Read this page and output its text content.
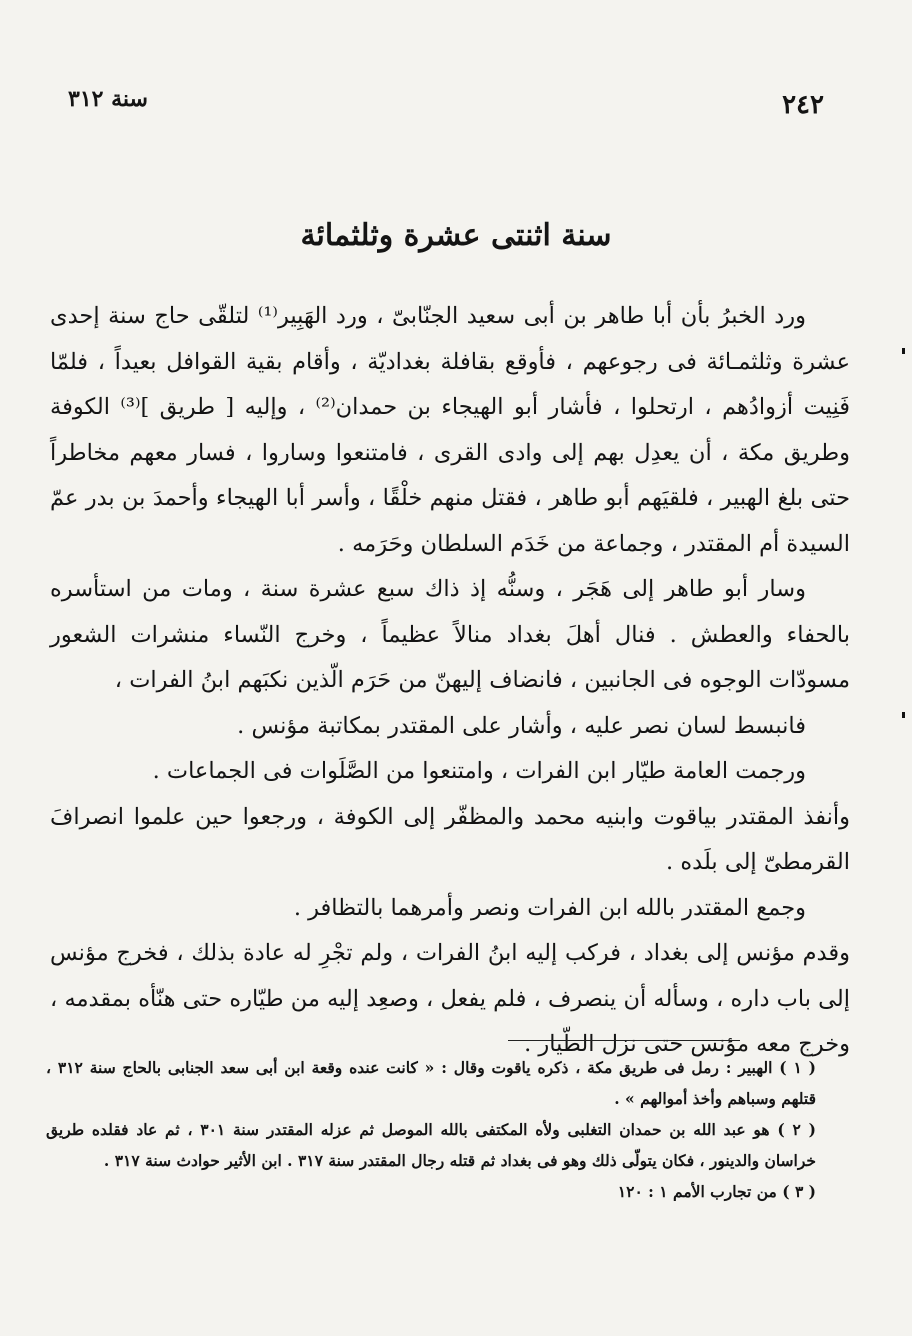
٢٤٢
سنة ٣١٢
سنة اثنتى عشرة وثلثمائة

ورد الخبرُ بأن أبا طاهر بن أبى سعيد الجنّابىّ ، ورد الهَبِير⁽¹⁾ لتلقّى حاج سنة إحدى عشرة وثلثمـائة فى رجوعهم ، فأوقع بقافلة بغداديّة ، وأقام بقية القوافل بعيداً ، فلمّا فَنِيت أزوادُهم ، ارتحلوا ، فأشار أبو الهيجاء بن حمدان⁽²⁾ ، وإليه [ طريق ]⁽³⁾ الكوفة وطريق مكة ، أن يعدِل بهم إلى وادى القرى ، فامتنعوا وساروا ، فسار معهم مخاطراً حتى بلغ الهبير ، فلقيَهم أبو طاهر ، فقتل منهم خلْقًا ، وأسر أبا الهيجاء وأحمدَ بن بدر عمّ السيدة أم المقتدر ، وجماعة من خَدَم السلطان وحَرَمه .

وسار أبو طاهر إلى هَجَر ، وسنُّه إذ ذاك سبع عشرة سنة ، ومات من استأسره بالحفاء والعطش . فنال أهلَ بغداد منالاً عظيماً ، وخرج النّساء منشرات الشعور مسودّات الوجوه فى الجانبين ، فانضاف إليهنّ من حَرَم الّذين نكبَهم ابنُ الفرات ،

فانبسط لسان نصر عليه ، وأشار على المقتدر بمكاتبة مؤنس .

ورجمت العامة طيّار ابن الفرات ، وامتنعوا من الصَّلَوات فى الجماعات .

وأنفذ المقتدر بياقوت وابنيه محمد والمظفّر إلى الكوفة ، ورجعوا حين علموا انصرافَ القرمطىّ إلى بلَده .

وجمع المقتدر بالله ابن الفرات ونصر وأمرهما بالتظافر .

وقدم مؤنس إلى بغداد ، فركب إليه ابنُ الفرات ، ولم تجْرِ له عادة بذلك ، فخرج مؤنس إلى باب داره ، وسأله أن ينصرف ، فلم يفعل ، وصعِد إليه من طيّاره حتى هنّأه بمقدمه ، وخرج معه مؤنس حتى نزل الطّيار .

( ١ ) الهبير : رمل فى طريق مكة ، ذكره ياقوت وقال : « كانت عنده وقعة ابن أبى سعد الجنابى بالحاج سنة ٣١٢ ، قتلهم وسباهم وأخذ أموالهم » .

( ٢ ) هو عبد الله بن حمدان التغلبى ولأه المكتفى بالله الموصل ثم عزله المقتدر سنة ٣٠١ ، ثم عاد فقلده طريق خراسان والدينور ، فكان يتولّى ذلك وهو فى بغداد ثم قتله رجال المقتدر سنة ٣١٧ . ابن الأثير حوادث سنة ٣١٧ .

( ٣ ) من تجارب الأمم ١ : ١٢٠
